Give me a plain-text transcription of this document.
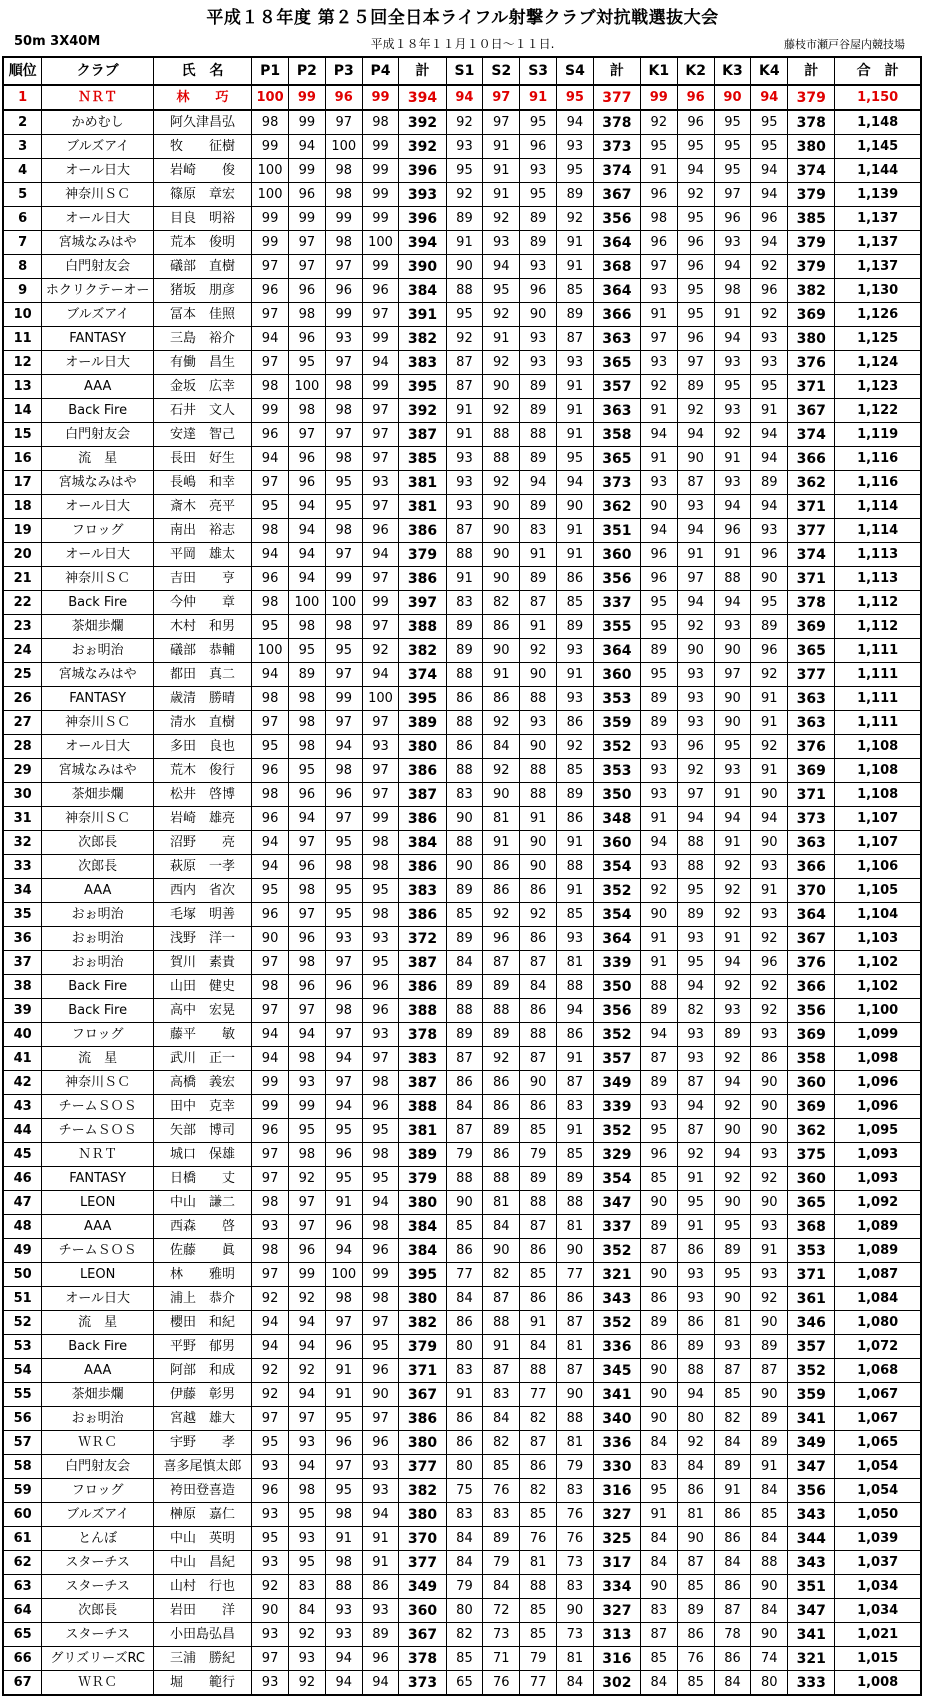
平成１８年度 第２５回全日本ライフル射撃クラブ対抗戦選抜大会
50m 3X40M	平成１８年１１月１０日〜１１日.	藤枝市瀬戸谷屋内競技場
順位	クラブ	氏　名	P1	P2	P3	P4	計	S1	S2	S3	S4	計	K1	K2	K3	K4	計	合　計
1	ＮＲＴ	林　　巧	100	99	96	99	394	94	97	91	95	377	99	96	90	94	379	1,150
2	かめむし	阿久津昌弘	98	99	97	98	392	92	97	95	94	378	92	96	95	95	378	1,148
3	ブルズアイ	牧　　征樹	99	94	100	99	392	93	91	96	93	373	95	95	95	95	380	1,145
4	オール日大	岩崎　　俊	100	99	98	99	396	95	91	93	95	374	91	94	95	94	374	1,144
5	神奈川ＳＣ	篠原　章宏	100	96	98	99	393	92	91	95	89	367	96	92	97	94	379	1,139
6	オール日大	目良　明裕	99	99	99	99	396	89	92	89	92	356	98	95	96	96	385	1,137
7	宮城なみはや	荒本　俊明	99	97	98	100	394	91	93	89	91	364	96	96	93	94	379	1,137
8	白門射友会	礒部　直樹	97	97	97	99	390	90	94	93	91	368	97	96	94	92	379	1,137
9	ホクリクテーオー	猪坂　朋彦	96	96	96	96	384	88	95	96	85	364	93	95	98	96	382	1,130
10	ブルズアイ	冨本　佳照	97	98	99	97	391	95	92	90	89	366	91	95	91	92	369	1,126
11	FANTASY	三島　裕介	94	96	93	99	382	92	91	93	87	363	97	96	94	93	380	1,125
12	オール日大	有働　昌生	97	95	97	94	383	87	92	93	93	365	93	97	93	93	376	1,124
13	AAA	金坂　広幸	98	100	98	99	395	87	90	89	91	357	92	89	95	95	371	1,123
14	Back Fire	石井　文人	99	98	98	97	392	91	92	89	91	363	91	92	93	91	367	1,122
15	白門射友会	安達　智己	96	97	97	97	387	91	88	88	91	358	94	94	92	94	374	1,119
16	流　星	長田　好生	94	96	98	97	385	93	88	89	95	365	91	90	91	94	366	1,116
17	宮城なみはや	長嶋　和幸	97	96	95	93	381	93	92	94	94	373	93	87	93	89	362	1,116
18	オール日大	斎木　亮平	95	94	95	97	381	93	90	89	90	362	90	93	94	94	371	1,114
19	フロッグ	南出　裕志	98	94	98	96	386	87	90	83	91	351	94	94	96	93	377	1,114
20	オール日大	平岡　雄太	94	94	97	94	379	88	90	91	91	360	96	91	91	96	374	1,113
21	神奈川ＳＣ	吉田　　亨	96	94	99	97	386	91	90	89	86	356	96	97	88	90	371	1,113
22	Back Fire	今仲　　章	98	100	100	99	397	83	82	87	85	337	95	94	94	95	378	1,112
23	茶畑歩爛	木村　和男	95	98	98	97	388	89	86	91	89	355	95	92	93	89	369	1,112
24	おぉ明治	礒部　恭輔	100	95	95	92	382	89	90	92	93	364	89	90	90	96	365	1,111
25	宮城なみはや	都田　真二	94	89	97	94	374	88	91	90	91	360	95	93	97	92	377	1,111
26	FANTASY	歳清　勝晴	98	98	99	100	395	86	86	88	93	353	89	93	90	91	363	1,111
27	神奈川ＳＣ	清水　直樹	97	98	97	97	389	88	92	93	86	359	89	93	90	91	363	1,111
28	オール日大	多田　良也	95	98	94	93	380	86	84	90	92	352	93	96	95	92	376	1,108
29	宮城なみはや	荒木　俊行	96	95	98	97	386	88	92	88	85	353	93	92	93	91	369	1,108
30	茶畑歩爛	松井　啓博	98	96	96	97	387	83	90	88	89	350	93	97	91	90	371	1,108
31	神奈川ＳＣ	岩崎　雄亮	96	94	97	99	386	90	81	91	86	348	91	94	94	94	373	1,107
32	次郎長	沼野　　亮	94	97	95	98	384	88	91	90	91	360	94	88	91	90	363	1,107
33	次郎長	萩原　一孝	94	96	98	98	386	90	86	90	88	354	93	88	92	93	366	1,106
34	AAA	西内　省次	95	98	95	95	383	89	86	86	91	352	92	95	92	91	370	1,105
35	おぉ明治	毛塚　明善	96	97	95	98	386	85	92	92	85	354	90	89	92	93	364	1,104
36	おぉ明治	浅野　洋一	90	96	93	93	372	89	96	86	93	364	91	93	91	92	367	1,103
37	おぉ明治	賀川　素貴	97	98	97	95	387	84	87	87	81	339	91	95	94	96	376	1,102
38	Back Fire	山田　健史	98	96	96	96	386	89	89	84	88	350	88	94	92	92	366	1,102
39	Back Fire	高中　宏晃	97	97	98	96	388	88	88	86	94	356	89	82	93	92	356	1,100
40	フロッグ	藤平　　敏	94	94	97	93	378	89	89	88	86	352	94	93	89	93	369	1,099
41	流　星	武川　正一	94	98	94	97	383	87	92	87	91	357	87	93	92	86	358	1,098
42	神奈川ＳＣ	高橋　義宏	99	93	97	98	387	86	86	90	87	349	89	87	94	90	360	1,096
43	チームＳＯＳ	田中　克幸	99	99	94	96	388	84	86	86	83	339	93	94	92	90	369	1,096
44	チームＳＯＳ	矢部　博司	96	95	95	95	381	87	89	85	91	352	95	87	90	90	362	1,095
45	ＮＲＴ	城口　保雄	97	98	96	98	389	79	86	79	85	329	96	92	94	93	375	1,093
46	FANTASY	日橋　　丈	97	92	95	95	379	88	88	89	89	354	85	91	92	92	360	1,093
47	LEON	中山　謙二	98	97	91	94	380	90	81	88	88	347	90	95	90	90	365	1,092
48	AAA	西森　　啓	93	97	96	98	384	85	84	87	81	337	89	91	95	93	368	1,089
49	チームＳＯＳ	佐藤　　眞	98	96	94	96	384	86	90	86	90	352	87	86	89	91	353	1,089
50	LEON	林　　雅明	97	99	100	99	395	77	82	85	77	321	90	93	95	93	371	1,087
51	オール日大	浦上　恭介	92	92	98	98	380	84	87	86	86	343	86	93	90	92	361	1,084
52	流　星	櫻田　和紀	94	94	97	97	382	86	88	91	87	352	89	86	81	90	346	1,080
53	Back Fire	平野　郁男	94	94	96	95	379	80	91	84	81	336	86	89	93	89	357	1,072
54	AAA	阿部　和成	92	92	91	96	371	83	87	88	87	345	90	88	87	87	352	1,068
55	茶畑歩爛	伊藤　彰男	92	94	91	90	367	91	83	77	90	341	90	94	85	90	359	1,067
56	おぉ明治	宮越　雄大	97	97	95	97	386	86	84	82	88	340	90	80	82	89	341	1,067
57	ＷＲＣ	宇野　　孝	95	93	96	96	380	86	82	87	81	336	84	92	84	89	349	1,065
58	白門射友会	喜多尾慎太郎	93	94	97	93	377	80	85	86	79	330	83	84	89	91	347	1,054
59	フロッグ	袴田登喜造	96	98	95	93	382	75	76	82	83	316	95	86	91	84	356	1,054
60	ブルズアイ	榊原　嘉仁	93	95	98	94	380	83	83	85	76	327	91	81	86	85	343	1,050
61	とんぼ	中山　英明	95	93	91	91	370	84	89	76	76	325	84	90	86	84	344	1,039
62	スターチス	中山　昌紀	93	95	98	91	377	84	79	81	73	317	84	87	84	88	343	1,037
63	スターチス	山村　行也	92	83	88	86	349	79	84	88	83	334	90	85	86	90	351	1,034
64	次郎長	岩田　　洋	90	84	93	93	360	80	72	85	90	327	83	89	87	84	347	1,034
65	スターチス	小田島弘昌	93	92	93	89	367	82	73	85	73	313	87	86	78	90	341	1,021
66	グリズリーズRC	三浦　勝紀	97	93	94	96	378	85	71	79	81	316	85	76	86	74	321	1,015
67	ＷＲＣ	堀　　範行	93	92	94	94	373	65	76	77	84	302	84	85	84	80	333	1,008
